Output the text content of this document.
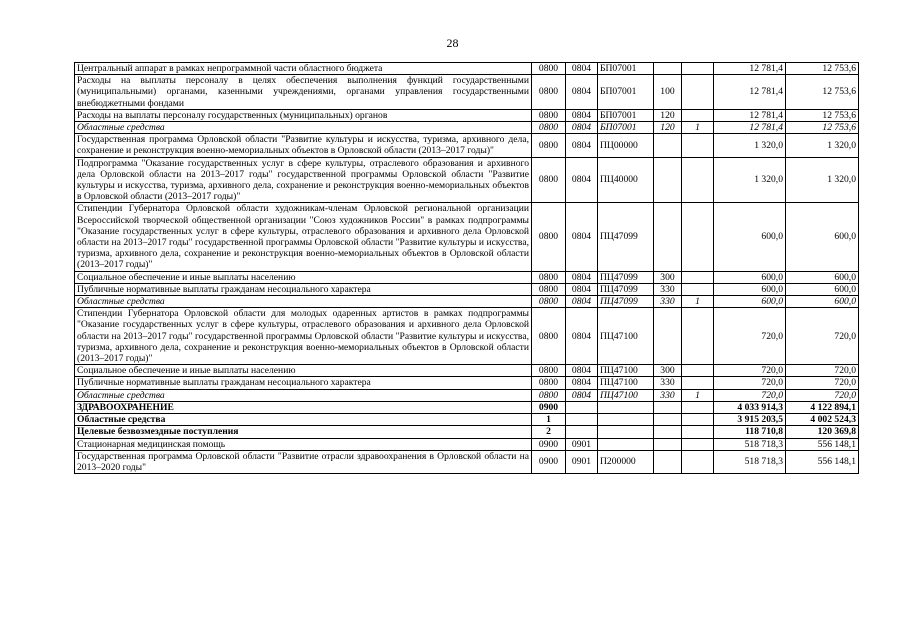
28
Центральный аппарат в рамках непрограммной части областного бюджета	0800	0804	БП07001			12 781,4	12 753,6
Расходы на выплаты персоналу в целях обеспечения выполнения функций государственными (муниципальными) органами, казенными учреждениями, органами управления государственными внебюджетными фондами	0800	0804	БП07001	100		12 781,4	12 753,6
Расходы на выплаты персоналу государственных (муниципальных) органов	0800	0804	БП07001	120		12 781,4	12 753,6
Областные средства	0800	0804	БП07001	120	1	12 781,4	12 753,6
Государственная программа Орловской области "Развитие культуры и искусства, туризма, архивного дела, сохранение и реконструкция военно-мемориальных объектов в Орловской области (2013–2017 годы)"	0800	0804	ПЦ00000			1 320,0	1 320,0
Подпрограмма "Оказание государственных услуг в сфере культуры, отраслевого образования и архивного дела Орловской области на 2013–2017 годы" государственной программы Орловской области "Развитие культуры и искусства, туризма, архивного дела, сохранение и реконструкция военно-мемориальных объектов в Орловской области (2013–2017 годы)"	0800	0804	ПЦ40000			1 320,0	1 320,0
Стипендии Губернатора Орловской области художникам-членам Орловской региональной организации Всероссийской творческой общественной организации "Союз художников России" в рамках подпрограммы "Оказание государственных услуг в сфере культуры, отраслевого образования и архивного дела Орловской области на 2013–2017 годы" государственной программы Орловской области "Развитие культуры и искусства, туризма, архивного дела, сохранение и реконструкция военно-мемориальных объектов в Орловской области (2013–2017 годы)"	0800	0804	ПЦ47099			600,0	600,0
Социальное обеспечение и иные выплаты населению	0800	0804	ПЦ47099	300		600,0	600,0
Публичные нормативные выплаты гражданам несоциального характера	0800	0804	ПЦ47099	330		600,0	600,0
Областные средства	0800	0804	ПЦ47099	330	1	600,0	600,0
Стипендии Губернатора Орловской области для молодых одаренных артистов в рамках подпрограммы "Оказание государственных услуг в сфере культуры, отраслевого образования и архивного дела Орловской области на 2013–2017 годы" государственной программы Орловской области "Развитие культуры и искусства, туризма, архивного дела, сохранение и реконструкция военно-мемориальных объектов в Орловской области (2013–2017 годы)"	0800	0804	ПЦ47100			720,0	720,0
Социальное обеспечение и иные выплаты населению	0800	0804	ПЦ47100	300		720,0	720,0
Публичные нормативные выплаты гражданам несоциального характера	0800	0804	ПЦ47100	330		720,0	720,0
Областные средства	0800	0804	ПЦ47100	330	1	720,0	720,0
ЗДРАВООХРАНЕНИЕ	0900					4 033 914,3	4 122 894,1
Областные средства	1					3 915 203,5	4 002 524,3
Целевые безвозмездные поступления	2					118 710,8	120 369,8
Стационарная медицинская помощь	0900	0901				518 718,3	556 148,1
Государственная программа Орловской области "Развитие отрасли здравоохранения в Орловской области на 2013–2020 годы"	0900	0901	П200000			518 718,3	556 148,1
